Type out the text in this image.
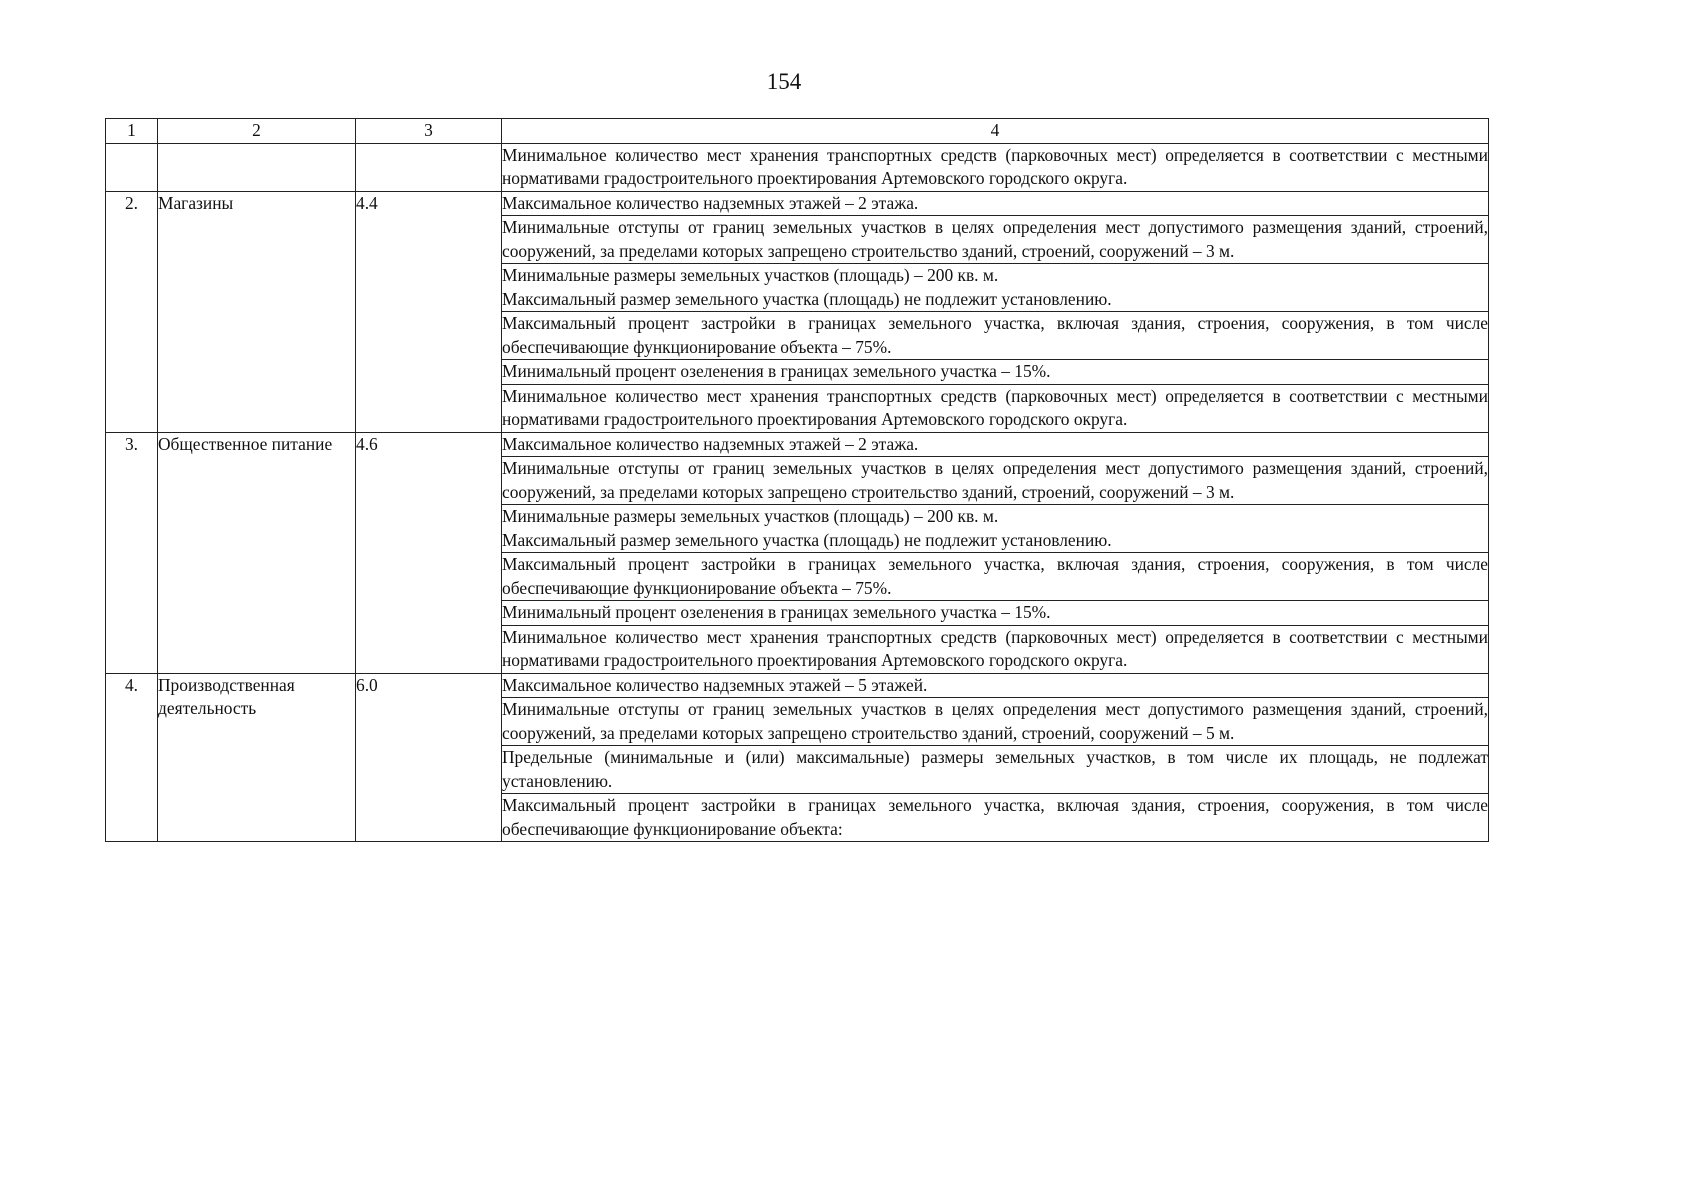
154
1	2	3	4
			Минимальное количество мест хранения транспортных средств (парковочных мест) определяется в соответствии с местными нормативами градостроительного проектирования Артемовского городского округа.
2.	Магазины	4.4	Максимальное количество надземных этажей – 2 этажа.

			Минимальные отступы от границ земельных участков в целях определения мест допустимого размещения зданий, строений, сооружений, за пределами которых запрещено строительство зданий, строений, сооружений – 3 м.

			Минимальные размеры земельных участков (площадь) – 200 кв. м.
Максимальный размер земельного участка (площадь) не подлежит установлению.

			Максимальный процент застройки в границах земельного участка, включая здания, строения, сооружения, в том числе обеспечивающие функционирование объекта – 75%.

			Минимальный процент озеленения в границах земельного участка – 15%.

			Минимальное количество мест хранения транспортных средств (парковочных мест) определяется в соответствии с местными нормативами градостроительного проектирования Артемовского городского округа.

3.	Общественное питание	4.6	Максимальное количество надземных этажей – 2 этажа.

			Минимальные отступы от границ земельных участков в целях определения мест допустимого размещения зданий, строений, сооружений, за пределами которых запрещено строительство зданий, строений, сооружений – 3 м.

			Минимальные размеры земельных участков (площадь) – 200 кв. м.
Максимальный размер земельного участка (площадь) не подлежит установлению.

			Максимальный процент застройки в границах земельного участка, включая здания, строения, сооружения, в том числе обеспечивающие функционирование объекта – 75%.

			Минимальный процент озеленения в границах земельного участка – 15%.

			Минимальное количество мест хранения транспортных средств (парковочных мест) определяется в соответствии с местными нормативами градостроительного проектирования Артемовского городского округа.

4.	Производственная деятельность	6.0	Максимальное количество надземных этажей – 5 этажей.

			Минимальные отступы от границ земельных участков в целях определения мест допустимого размещения зданий, строений, сооружений, за пределами которых запрещено строительство зданий, строений, сооружений – 5 м.

			Предельные (минимальные и (или) максимальные) размеры земельных участков, в том числе их площадь, не подлежат установлению.

			Максимальный процент застройки в границах земельного участка, включая здания, строения, сооружения, в том числе обеспечивающие функционирование объекта:
